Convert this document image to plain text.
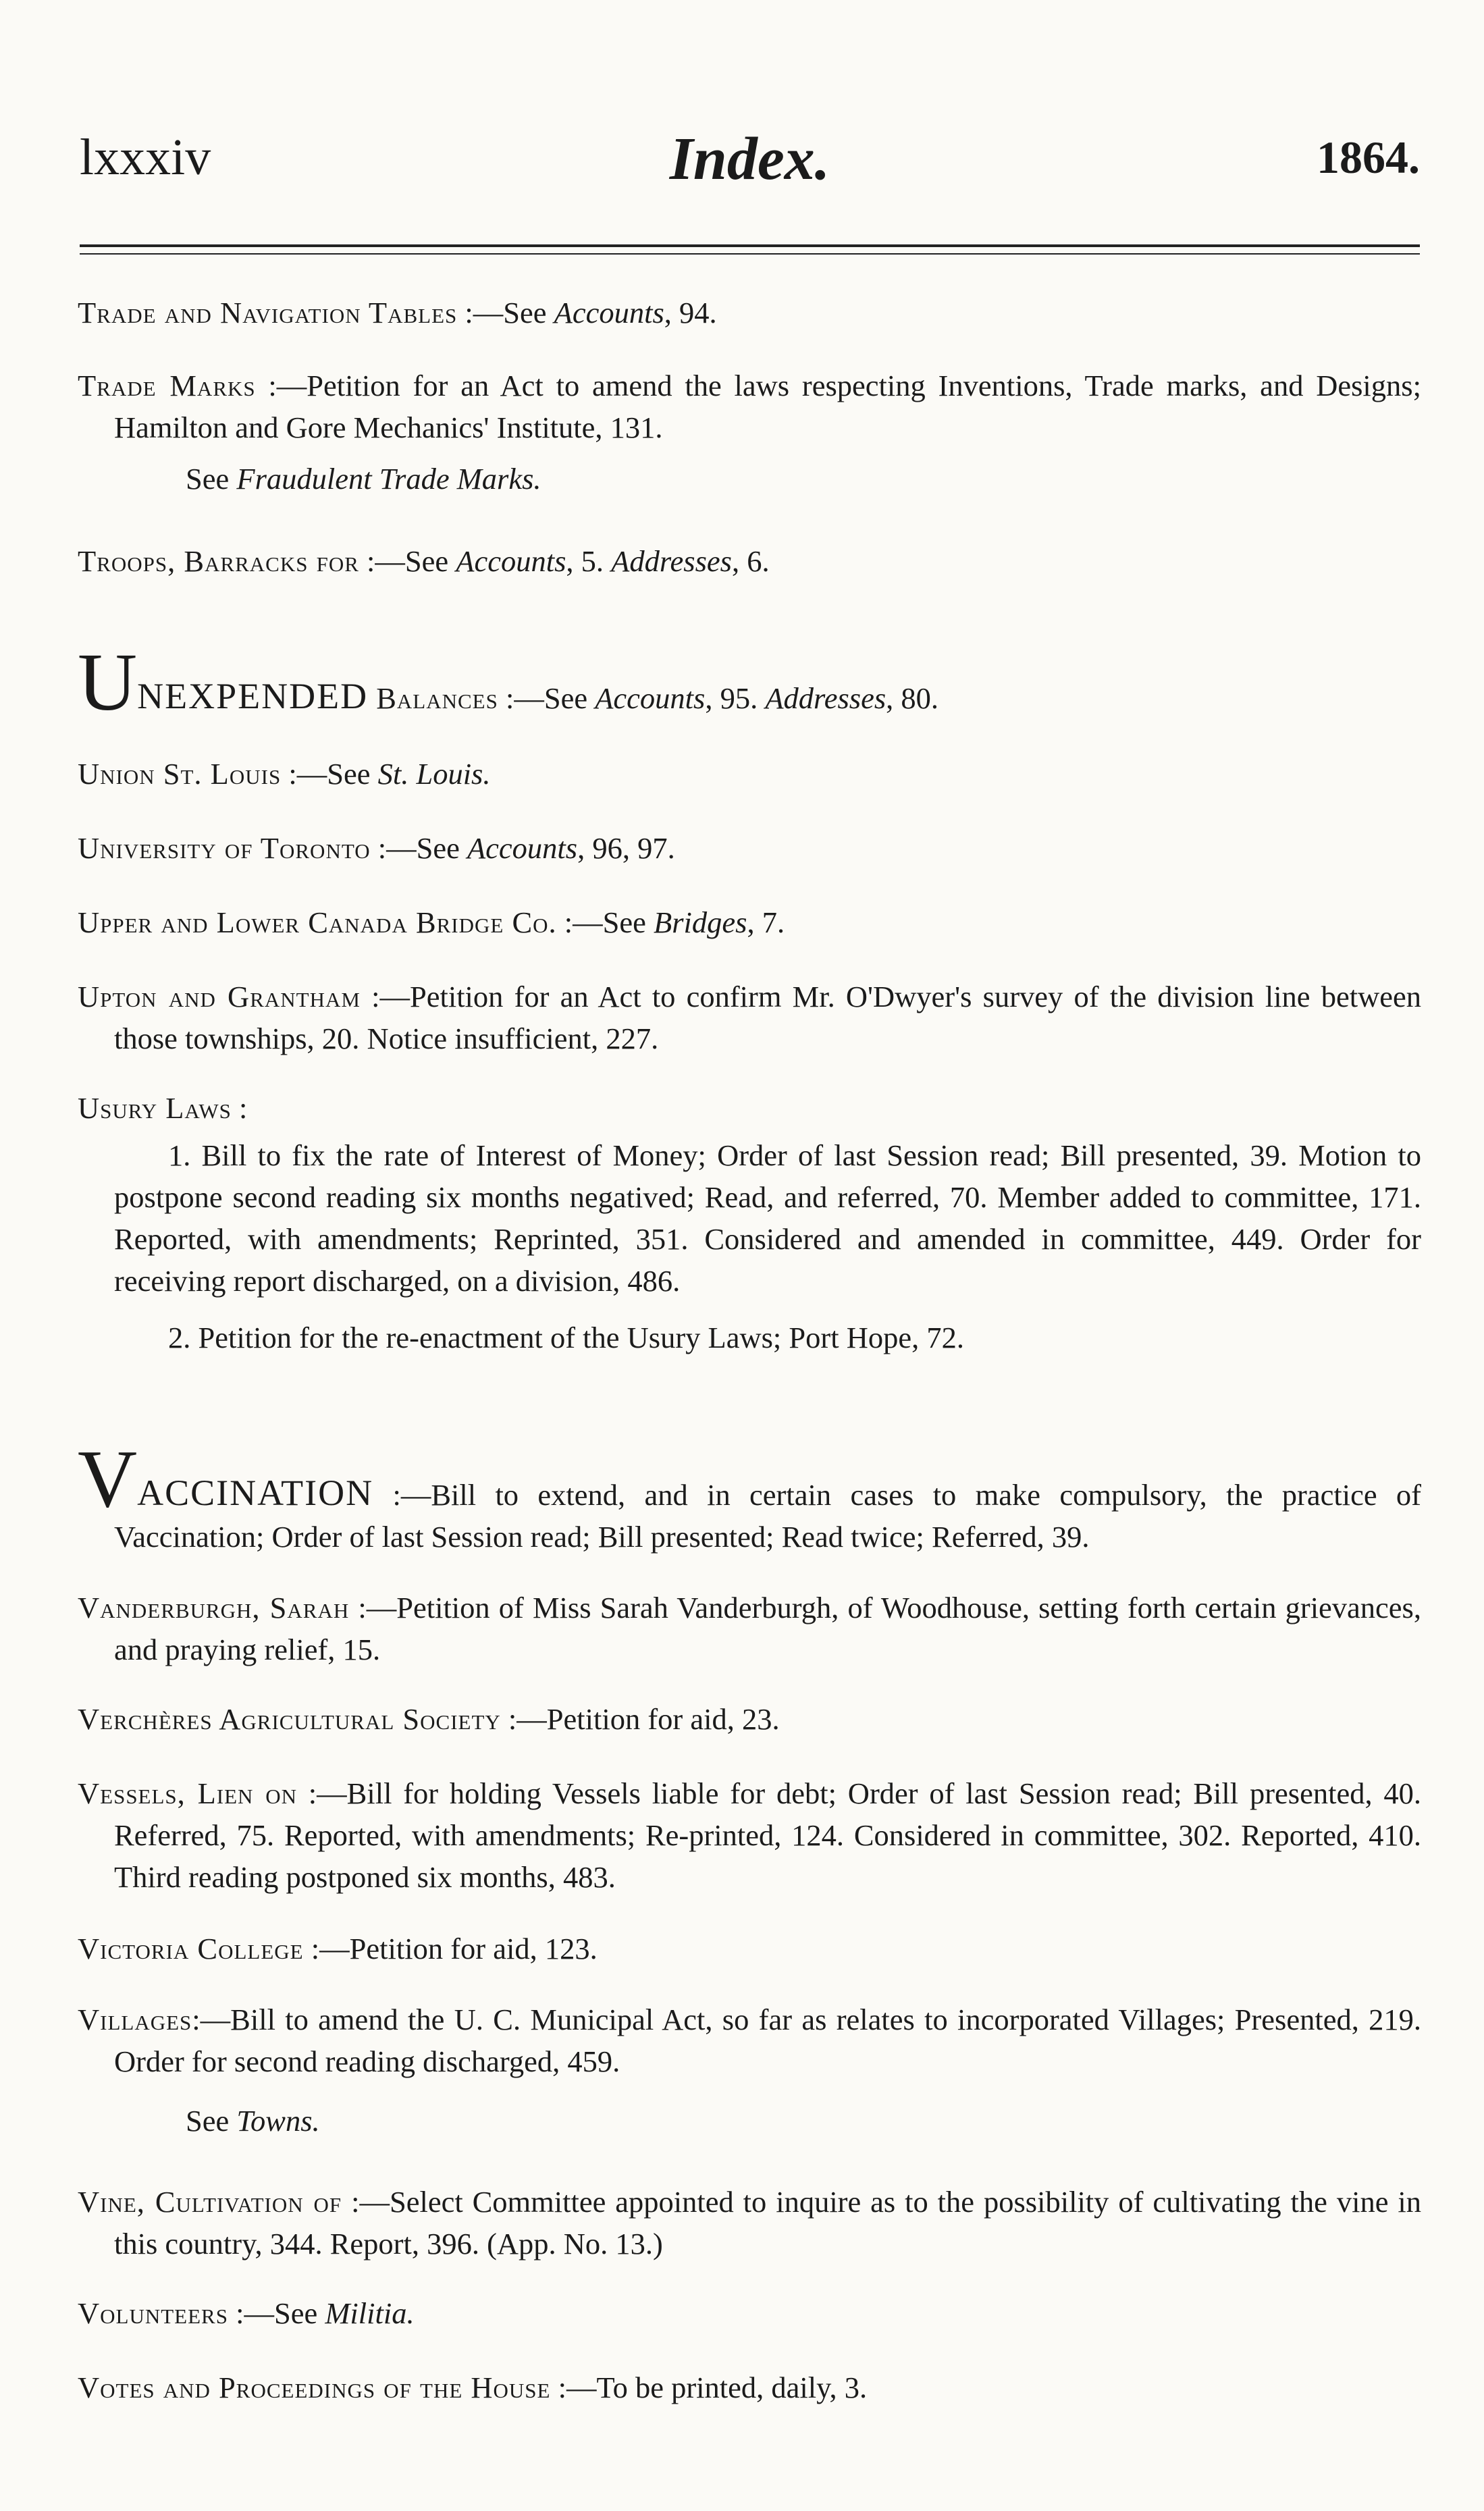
lxxxiv	Index.	1864.

Trade and Navigation Tables :—See Accounts, 94.

Trade Marks :—Petition for an Act to amend the laws respecting Inventions, Trade marks, and Designs; Hamilton and Gore Mechanics' Institute, 131.

See Fraudulent Trade Marks.

Troops, Barracks for :—See Accounts, 5. Addresses, 6.

UNEXPENDED Balances :—See Accounts, 95. Addresses, 80.

Union St. Louis :—See St. Louis.

University of Toronto :—See Accounts, 96, 97.

Upper and Lower Canada Bridge Co. :—See Bridges, 7.

Upton and Grantham :—Petition for an Act to confirm Mr. O'Dwyer's survey of the division line between those townships, 20. Notice insufficient, 227.

Usury Laws :

1. Bill to fix the rate of Interest of Money; Order of last Session read; Bill presented, 39. Motion to postpone second reading six months negatived; Read, and referred, 70. Member added to committee, 171. Reported, with amendments; Reprinted, 351. Considered and amended in committee, 449. Order for receiving report discharged, on a division, 486.

2. Petition for the re-enactment of the Usury Laws; Port Hope, 72.

VACCINATION :—Bill to extend, and in certain cases to make compulsory, the practice of Vaccination; Order of last Session read; Bill presented; Read twice; Referred, 39.

Vanderburgh, Sarah :—Petition of Miss Sarah Vanderburgh, of Woodhouse, setting forth certain grievances, and praying relief, 15.

Verchères Agricultural Society :—Petition for aid, 23.

Vessels, Lien on :—Bill for holding Vessels liable for debt; Order of last Session read; Bill presented, 40. Referred, 75. Reported, with amendments; Re-printed, 124. Considered in committee, 302. Reported, 410. Third reading postponed six months, 483.

Victoria College :—Petition for aid, 123.

Villages:—Bill to amend the U. C. Municipal Act, so far as relates to incorporated Villages; Presented, 219. Order for second reading discharged, 459.

See Towns.

Vine, Cultivation of :—Select Committee appointed to inquire as to the possibility of cultivating the vine in this country, 344. Report, 396. (App. No. 13.)

Volunteers :—See Militia.

Votes and Proceedings of the House :—To be printed, daily, 3.
